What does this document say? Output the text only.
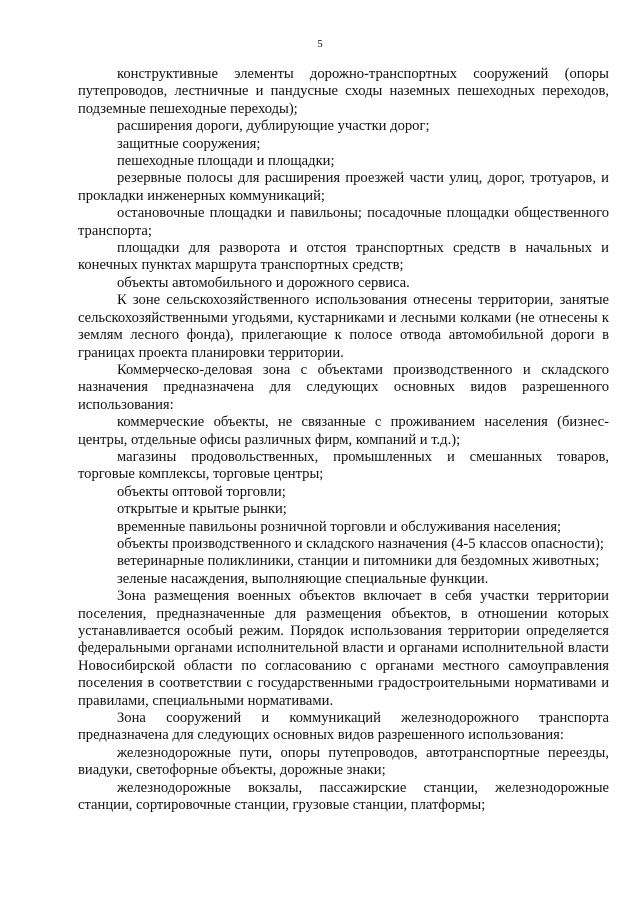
5

конструктивные элементы дорожно-транспортных сооружений (опоры путепроводов, лестничные и пандусные сходы наземных пешеходных переходов, подземные пешеходные переходы);

расширения дороги, дублирующие участки дорог;

защитные сооружения;

пешеходные площади и площадки;

резервные полосы для расширения проезжей части улиц, дорог, тротуаров, и прокладки инженерных коммуникаций;

остановочные площадки и павильоны; посадочные площадки общественного транспорта;

площадки для разворота и отстоя транспортных средств в начальных и конечных пунктах маршрута транспортных средств;

объекты автомобильного и дорожного сервиса.

К зоне сельскохозяйственного использования отнесены территории, занятые сельскохозяйственными угодьями, кустарниками и лесными колками (не отнесены к землям лесного фонда), прилегающие к полосе отвода автомобильной дороги в границах проекта планировки территории.

Коммерческо-деловая зона с объектами производственного и складского назначения предназначена для следующих основных видов разрешенного использования:

коммерческие объекты, не связанные с проживанием населения (бизнес-центры, отдельные офисы различных фирм, компаний и т.д.);

магазины продовольственных, промышленных и смешанных товаров, торговые комплексы, торговые центры;

объекты оптовой торговли;

открытые и крытые рынки;

временные павильоны розничной торговли и обслуживания населения;

объекты производственного и складского назначения (4-5 классов опасности);

ветеринарные поликлиники, станции и питомники для бездомных животных;

зеленые насаждения, выполняющие специальные функции.

Зона размещения военных объектов включает в себя участки территории поселения, предназначенные для размещения объектов, в отношении которых устанавливается особый режим. Порядок использования территории определяется федеральными органами исполнительной власти и органами исполнительной власти Новосибирской области по согласованию с органами местного самоуправления поселения в соответствии с государственными градостроительными нормативами и правилами, специальными нормативами.

Зона сооружений и коммуникаций железнодорожного транспорта предназначена для следующих основных видов разрешенного использования:

железнодорожные пути, опоры путепроводов, автотранспортные переезды, виадуки, светофорные объекты, дорожные знаки;

железнодорожные вокзалы, пассажирские станции, железнодорожные станции, сортировочные станции, грузовые станции, платформы;
